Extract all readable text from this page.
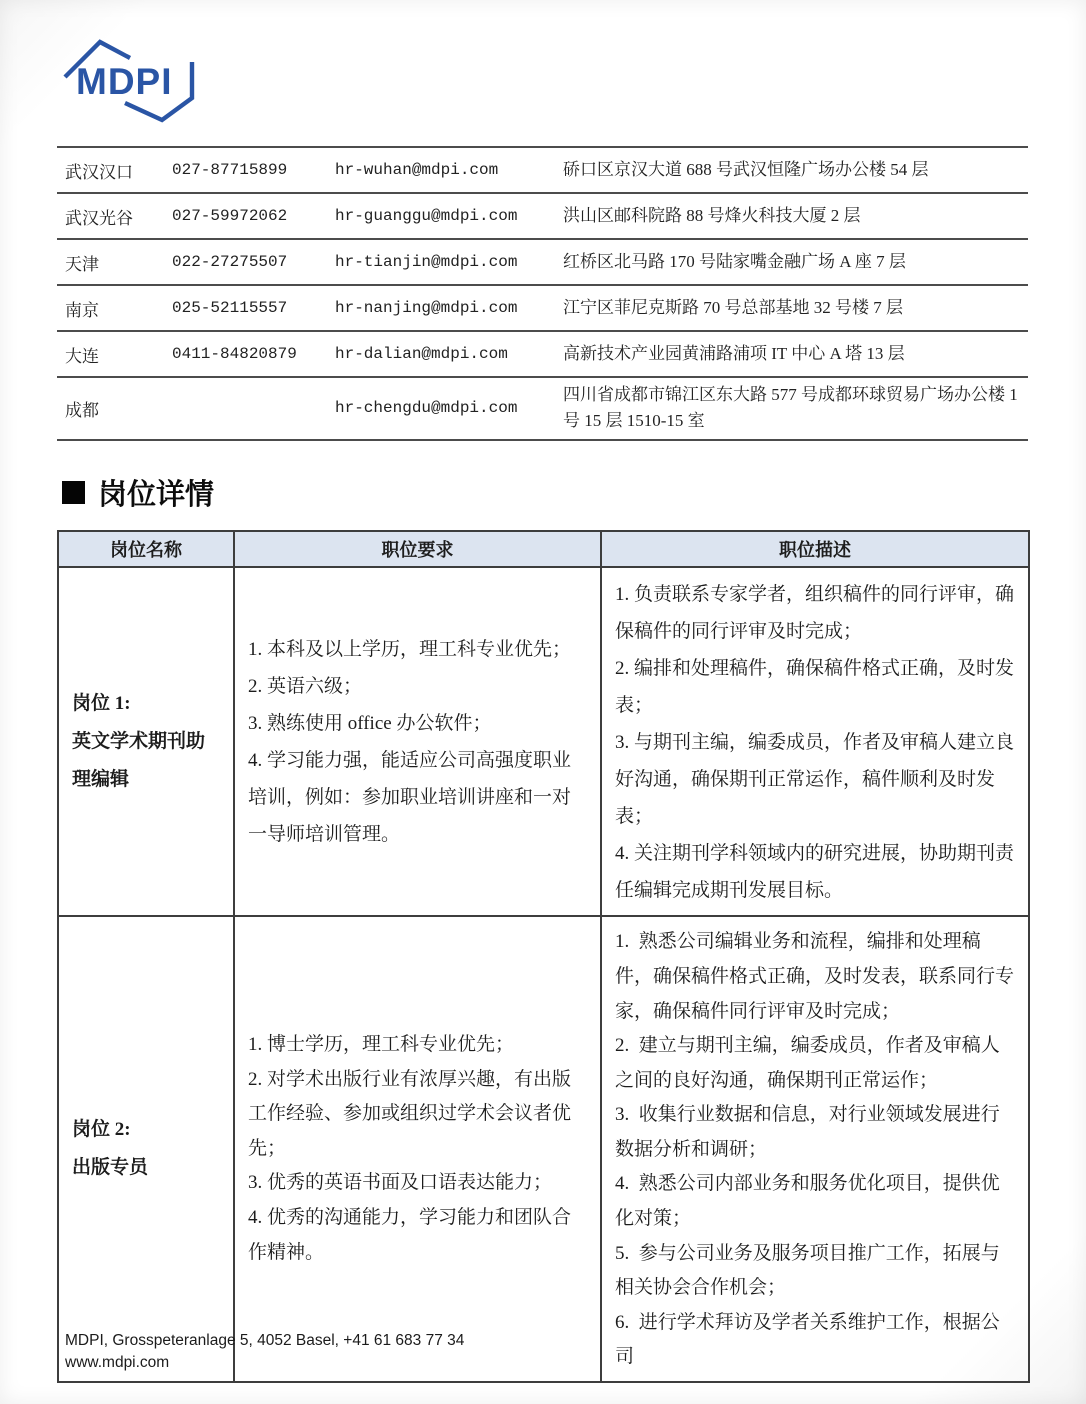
MDPI
武汉汉口	027-87715899	hr-wuhan@mdpi.com	硚口区京汉大道 688 号武汉恒隆广场办公楼 54 层
武汉光谷	027-59972062	hr-guanggu@mdpi.com	洪山区邮科院路 88 号烽火科技大厦 2 层
天津	022-27275507	hr-tianjin@mdpi.com	红桥区北马路 170 号陆家嘴金融广场 A 座 7 层
南京	025-52115557	hr-nanjing@mdpi.com	江宁区菲尼克斯路 70 号总部基地 32 号楼 7 层
大连	0411-84820879	hr-dalian@mdpi.com	高新技术产业园黄浦路浦项 IT 中心 A 塔 13 层
成都		hr-chengdu@mdpi.com	四川省成都市锦江区东大路 577 号成都环球贸易广场办公楼 1 号 15 层 1510-15 室
岗位详情
岗位名称	职位要求	职位描述

岗位 1:
英文学术期刊助理编辑

1. 本科及以上学历，理工科专业优先；
2. 英语六级；
3. 熟练使用 office 办公软件；
4. 学习能力强，能适应公司高强度职业培训，例如：参加职业培训讲座和一对一导师培训管理。

1. 负责联系专家学者，组织稿件的同行评审，确保稿件的同行评审及时完成；
2. 编排和处理稿件，确保稿件格式正确，及时发表；
3. 与期刊主编，编委成员，作者及审稿人建立良好沟通，确保期刊正常运作，稿件顺利及时发表；
4. 关注期刊学科领域内的研究进展，协助期刊责任编辑完成期刊发展目标。

岗位 2:
出版专员

1. 博士学历，理工科专业优先；
2. 对学术出版行业有浓厚兴趣，有出版工作经验、参加或组织过学术会议者优先；
3. 优秀的英语书面及口语表达能力；
4. 优秀的沟通能力，学习能力和团队合作精神。

1.  熟悉公司编辑业务和流程，编排和处理稿件，确保稿件格式正确，及时发表，联系同行专家，确保稿件同行评审及时完成；
2.  建立与期刊主编，编委成员，作者及审稿人之间的良好沟通，确保期刊正常运作；
3.  收集行业数据和信息，对行业领域发展进行数据分析和调研；
4.  熟悉公司内部业务和服务优化项目，提供优化对策；
5.  参与公司业务及服务项目推广工作，拓展与相关协会合作机会；
6.  进行学术拜访及学者关系维护工作，根据公司
MDPI, Grosspeteranlage 5, 4052 Basel, +41 61 683 77 34
www.mdpi.com
